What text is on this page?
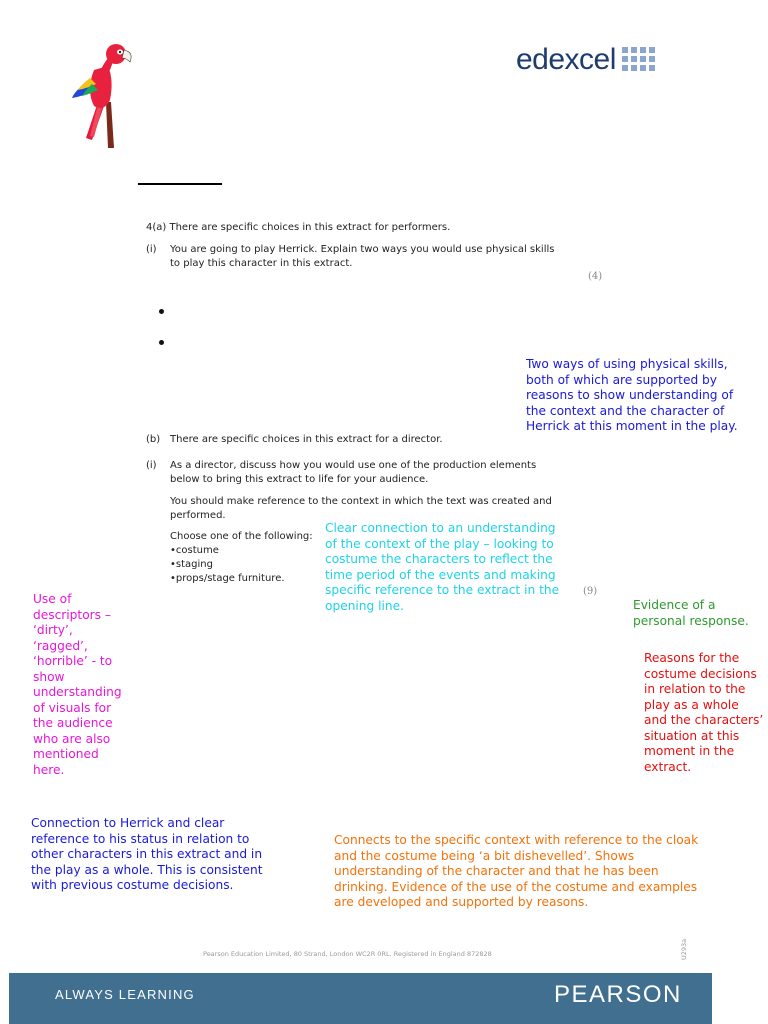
edexcel
4(a) There are specific choices in this extract for performers.
(i) You are going to play Herrick. Explain two ways you would use physical skills
to play this character in this extract.
(4)
Two ways of using physical skills, both of which are supported by reasons to show understanding of the context and the character of Herrick at this moment in the play.
(b) There are specific choices in this extract for a director.
(i) As a director, discuss how you would use one of the production elements
below to bring this extract to life for your audience.
You should make reference to the context in which the text was created and
performed.
Choose one of the following:
• costume
• staging
• props/stage furniture.
(9)
Clear connection to an understanding of the context of the play – looking to costume the characters to reflect the time period of the events and making specific reference to the extract in the opening line.
Use of descriptors – ‘dirty’, ‘ragged’, ‘horrible’ - to show understanding of visuals for the audience who are also mentioned here.
Evidence of a personal response.
Reasons for the costume decisions in relation to the play as a whole and the characters’ situation at this moment in the extract.
Connection to Herrick and clear reference to his status in relation to other characters in this extract and in the play as a whole. This is consistent with previous costume decisions.
Connects to the specific context with reference to the cloak and the costume being ‘a bit dishevelled’. Shows understanding of the character and that he has been drinking. Evidence of the use of the costume and examples are developed and supported by reasons.
Pearson Education Limited, 80 Strand, London WC2R 0RL. Registered in England 872828	U293a
ALWAYS LEARNING	PEARSON
